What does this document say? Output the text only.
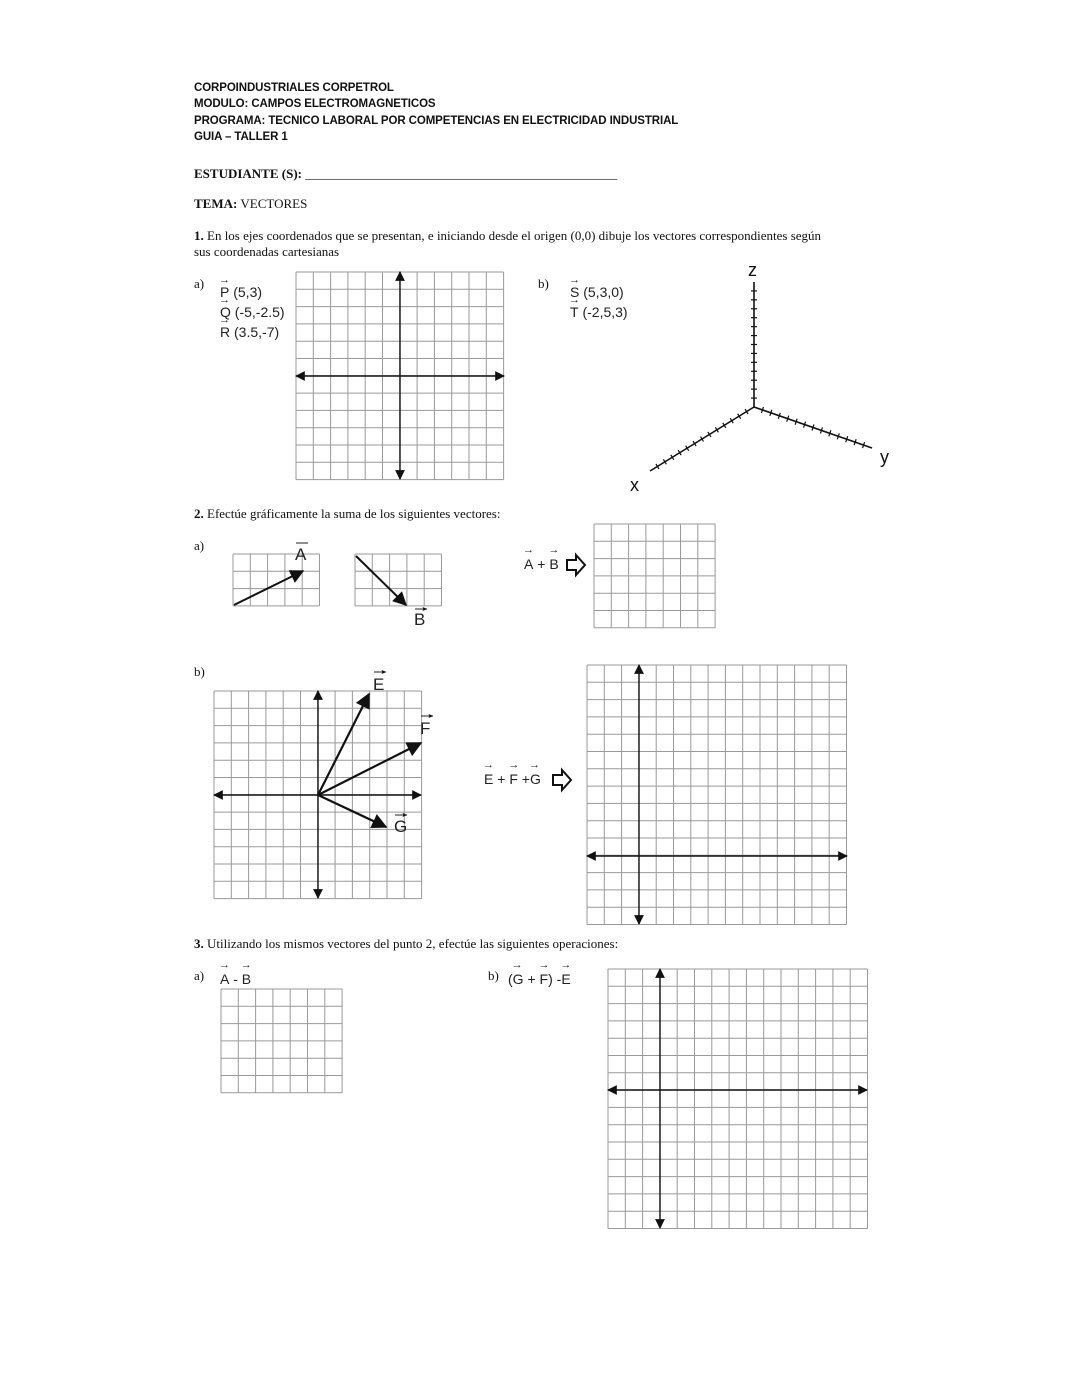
CORPOINDUSTRIALES CORPETROL
MODULO: CAMPOS ELECTROMAGNETICOS
PROGRAMA: TECNICO LABORAL POR COMPETENCIAS EN ELECTRICIDAD INDUSTRIAL
GUIA – TALLER 1
ESTUDIANTE (S): ________________________________________________
TEMA: VECTORES
1. En los ejes coordenados que se presentan, e iniciando desde el origen (0,0) dibuje los vectores correspondientes según
sus coordenadas cartesianas
a)
→ P (5,3)
→ Q (-5,-2.5)
→ R (3.5,-7)
b)
→ S (5,3,0)
→ T (-2,5,3)
2. Efectúe gráficamente la suma de los siguientes vectores:
a)
b)
3. Utilizando los mismos vectores del punto 2, efectúe las siguientes operaciones:
a)	b)
z
y
x
A
B
E
F
G
→ A + → B
→ E + → F +→ G
→ A - → B	(→ G + → F) -→ E
